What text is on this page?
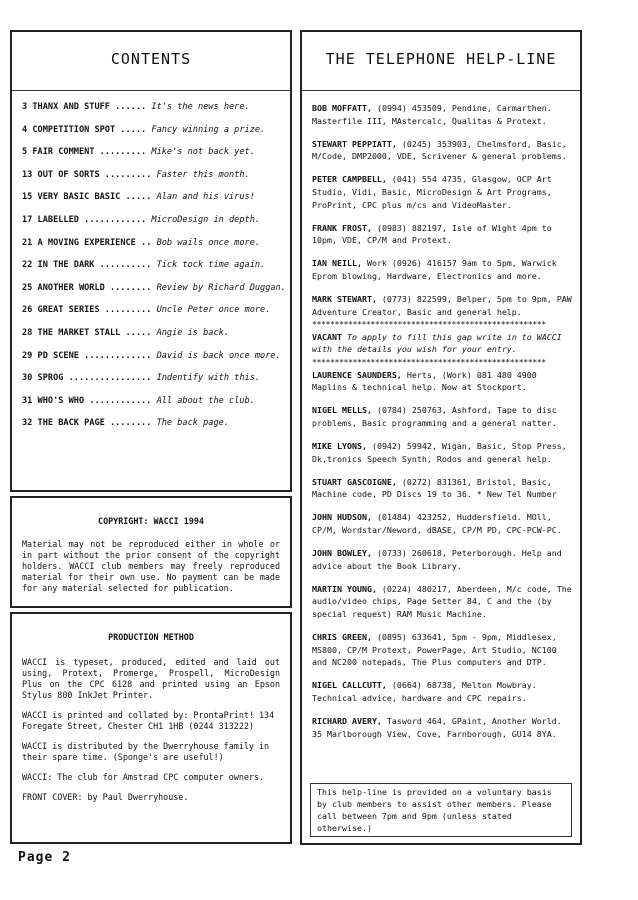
CONTENTS
3 THANX AND STUFF ...... It's the news here.
4 COMPETITION SPOT ..... Fancy winning a prize.
5 FAIR COMMENT ......... Mike's not back yet.
13 OUT OF SORTS ......... Faster this month.
15 VERY BASIC BASIC ..... Alan and his virus!
17 LABELLED ............ MicroDesign in depth.
21 A MOVING EXPERIENCE .. Bob wails once more.
22 IN THE DARK .......... Tick tock time again.
25 ANOTHER WORLD ........ Review by Richard Duggan.
26 GREAT SERIES ......... Uncle Peter once more.
28 THE MARKET STALL ..... Angie is back.
29 PD SCENE ............. David is back once more.
30 SPROG ................ Indentify with this.
31 WHO'S WHO ............ All about the club.
32 THE BACK PAGE ........ The back page.
COPYRIGHT: WACCI 1994
Material may not be reproduced either in whole or in part without the prior consent of the copyright holders. WACCI club members may freely reproduced material for their own use. No payment can be made for any material selected for publication.
PRODUCTION METHOD
WACCI is typeset, produced, edited and laid out using, Protext, Promerge, Prospell, MicroDesign Plus on the CPC 6128 and printed using an Epson Stylus 800 InkJet Printer.
WACCI is printed and collated by: ProntaPrint! 134 Foregate Street, Chester CH1 1HB (0244 313222)
WACCI is distributed by the Dwerryhouse family in their spare time. (Sponge's are useful!)
WACCI: The club for Amstrad CPC computer owners.
FRONT COVER: by Paul Dwerryhouse.
THE TELEPHONE HELP-LINE
BOB MOFFATT, (0994) 453509, Pendine, Carmarthen. Masterfile III, MAstercalc, Qualitas & Protext.
STEWART PEPPIATT, (0245) 353903, Chelmsford, Basic, M/Code, DMP2000, VDE, Scrivener & general problems.
PETER CAMPBELL, (041) 554 4735, Glasgow, OCP Art Studio, Vidi, Basic, MicroDesign & Art Programs, ProPrint, CPC plus m/cs and VideoMaster.
FRANK FROST, (0983) 882197, Isle of Wight 4pm to 10pm, VDE, CP/M and Protext.
IAN NEILL, Work (0926) 416157 9am to 5pm, Warwick Eprom blowing, Hardware, Electronics and more.
MARK STEWART, (0773) 822599, Belper, 5pm to 9pm, PAW Adventure Creator, Basic and general help.
****************************************************
VACANT To apply to fill this gap write in to WACCI with the details you wish for your entry.
****************************************************
LAURENCE SAUNDERS, Herts, (Work) 081 480 4900 Maplins & technical help. Now at Stockport.
NIGEL MELLS, (0784) 250763, Ashford, Tape to disc problems, Basic programming and a general natter.
MIKE LYONS, (0942) 59942, Wigan, Basic, Stop Press, Dk,tronics Speech Synth, Rodos and general help.
STUART GASCOIGNE, (0272) 831361, Bristol, Basic, Machine code, PD Discs 19 to 36. * New Tel Number
JOHN HUDSON, (01484) 423252, Huddersfield. MOll, CP/M, Wordstar/Neword, dBASE, CP/M PD, CPC-PCW-PC.
JOHN BOWLEY, (0733) 260618, Peterborough. Help and advice about the Book Library.
MARTIN YOUNG, (0224) 480217, Aberdeen, M/c code, The audio/video chips, Page Setter 84, C and the (by special request) RAM Music Machine.
CHRIS GREEN, (0895) 633641, 5pm - 9pm, Middlesex, MS800, CP/M Protext, PowerPage, Art Studio, NC100 and NC200 notepads, The Plus computers and DTP.
NIGEL CALLCUTT, (0664) 68738, Melton Mowbray. Technical advice, hardware and CPC repairs.
RICHARD AVERY, Tasword 464, GPaint, Another World. 35 Marlborough View, Cove, Farnborough, GU14 8YA.
This help-line is provided on a voluntary basis by club members to assist other members. Please call between 7pm and 9pm (unless stated otherwise.)
Page 2
